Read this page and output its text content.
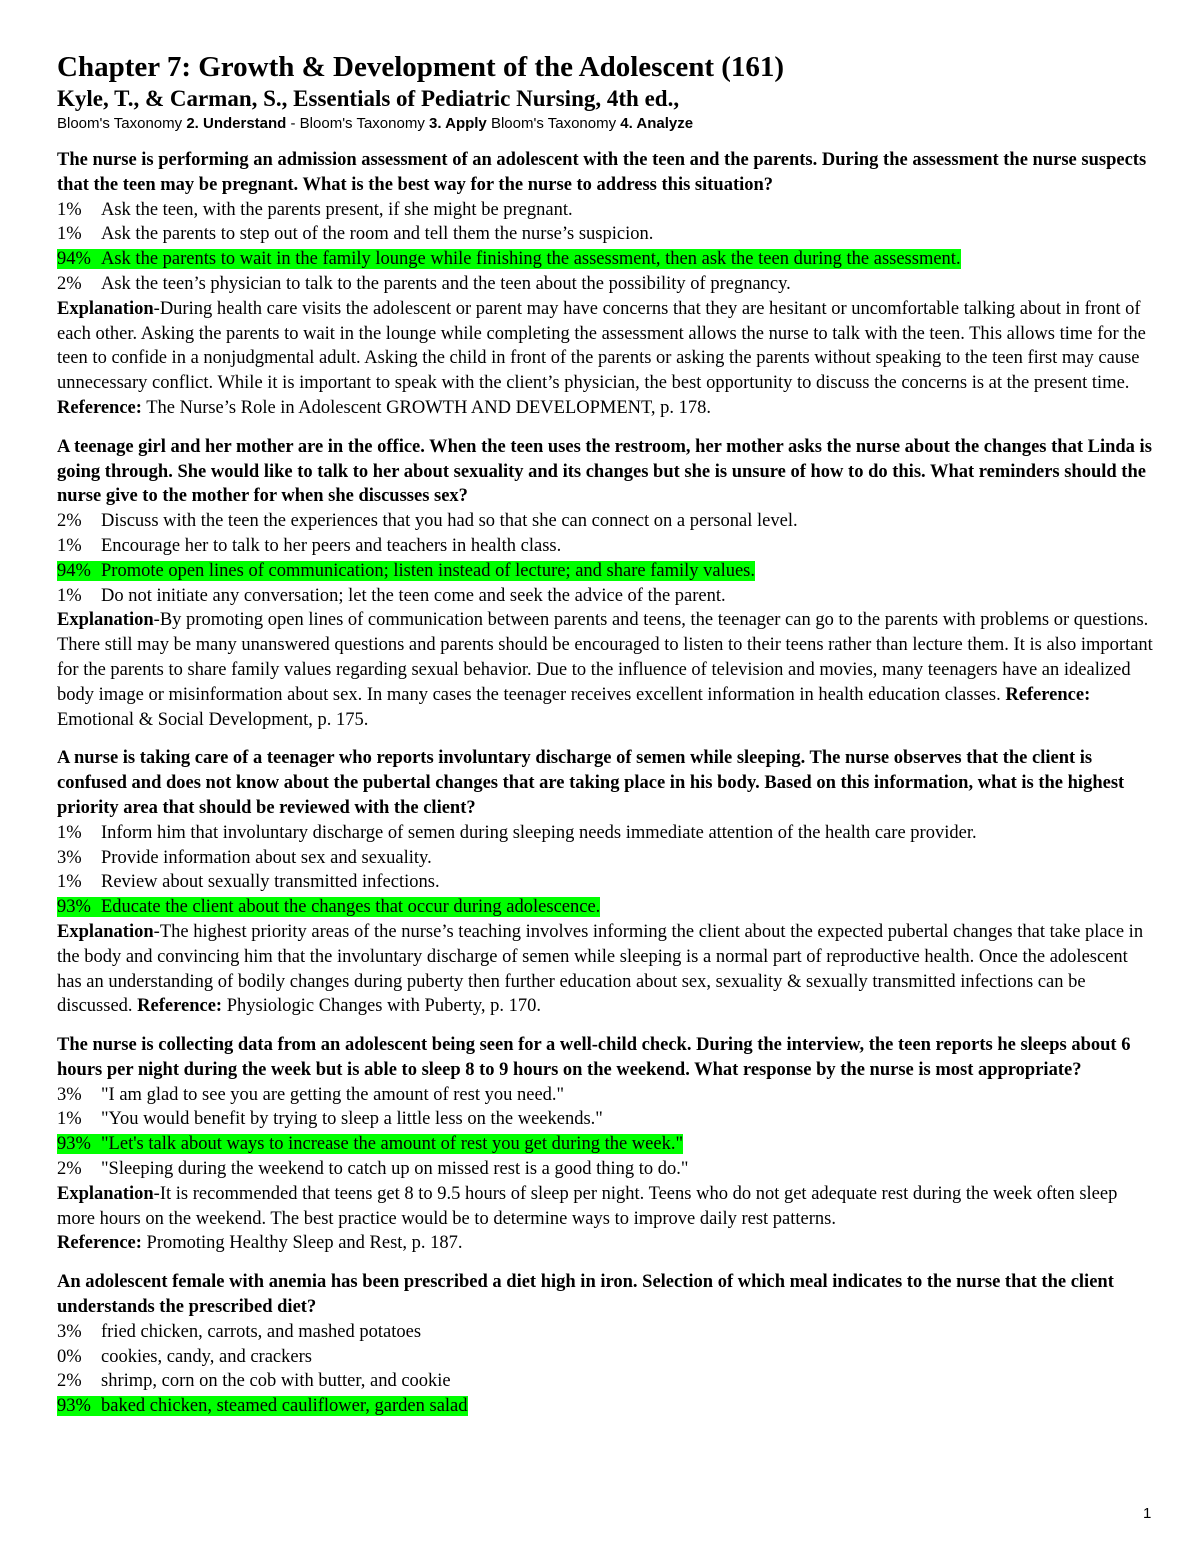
Chapter 7: Growth & Development of the Adolescent (161)
Kyle, T., & Carman, S., Essentials of Pediatric Nursing, 4th ed.,

Bloom's Taxonomy 2. Understand - Bloom's Taxonomy 3. Apply Bloom's Taxonomy 4. Analyze

The nurse is performing an admission assessment of an adolescent with the teen and the parents. During the assessment the nurse suspects that the teen may be pregnant. What is the best way for the nurse to address this situation?

1% Ask the teen, with the parents present, if she might be pregnant.

1% Ask the parents to step out of the room and tell them the nurse’s suspicion.

94% Ask the parents to wait in the family lounge while finishing the assessment, then ask the teen during the assessment.

2% Ask the teen’s physician to talk to the parents and the teen about the possibility of pregnancy.

Explanation-During health care visits the adolescent or parent may have concerns that they are hesitant or uncomfortable talking about in front of each other. Asking the parents to wait in the lounge while completing the assessment allows the nurse to talk with the teen. This allows time for the teen to confide in a nonjudgmental adult. Asking the child in front of the parents or asking the parents without speaking to the teen first may cause unnecessary conflict. While it is important to speak with the client’s physician, the best opportunity to discuss the concerns is at the present time.

Reference: The Nurse’s Role in Adolescent GROWTH AND DEVELOPMENT, p. 178.

A teenage girl and her mother are in the office. When the teen uses the restroom, her mother asks the nurse about the changes that Linda is going through. She would like to talk to her about sexuality and its changes but she is unsure of how to do this. What reminders should the nurse give to the mother for when she discusses sex?

2% Discuss with the teen the experiences that you had so that she can connect on a personal level.

1% Encourage her to talk to her peers and teachers in health class.

94% Promote open lines of communication; listen instead of lecture; and share family values.

1% Do not initiate any conversation; let the teen come and seek the advice of the parent.

Explanation-By promoting open lines of communication between parents and teens, the teenager can go to the parents with problems or questions. There still may be many unanswered questions and parents should be encouraged to listen to their teens rather than lecture them. It is also important for the parents to share family values regarding sexual behavior. Due to the influence of television and movies, many teenagers have an idealized body image or misinformation about sex. In many cases the teenager receives excellent information in health education classes. Reference: Emotional & Social Development, p. 175.

A nurse is taking care of a teenager who reports involuntary discharge of semen while sleeping. The nurse observes that the client is confused and does not know about the pubertal changes that are taking place in his body. Based on this information, what is the highest priority area that should be reviewed with the client?

1% Inform him that involuntary discharge of semen during sleeping needs immediate attention of the health care provider.

3% Provide information about sex and sexuality.

1% Review about sexually transmitted infections.

93% Educate the client about the changes that occur during adolescence.

Explanation-The highest priority areas of the nurse’s teaching involves informing the client about the expected pubertal changes that take place in the body and convincing him that the involuntary discharge of semen while sleeping is a normal part of reproductive health. Once the adolescent has an understanding of bodily changes during puberty then further education about sex, sexuality & sexually transmitted infections can be discussed. Reference: Physiologic Changes with Puberty, p. 170.

The nurse is collecting data from an adolescent being seen for a well-child check. During the interview, the teen reports he sleeps about 6 hours per night during the week but is able to sleep 8 to 9 hours on the weekend. What response by the nurse is most appropriate?

3% "I am glad to see you are getting the amount of rest you need."

1% "You would benefit by trying to sleep a little less on the weekends."

93% "Let's talk about ways to increase the amount of rest you get during the week."

2% "Sleeping during the weekend to catch up on missed rest is a good thing to do."

Explanation-It is recommended that teens get 8 to 9.5 hours of sleep per night. Teens who do not get adequate rest during the week often sleep more hours on the weekend. The best practice would be to determine ways to improve daily rest patterns.

Reference: Promoting Healthy Sleep and Rest, p. 187.

An adolescent female with anemia has been prescribed a diet high in iron. Selection of which meal indicates to the nurse that the client understands the prescribed diet?

3% fried chicken, carrots, and mashed potatoes

0% cookies, candy, and crackers

2% shrimp, corn on the cob with butter, and cookie

93% baked chicken, steamed cauliflower, garden salad

1
